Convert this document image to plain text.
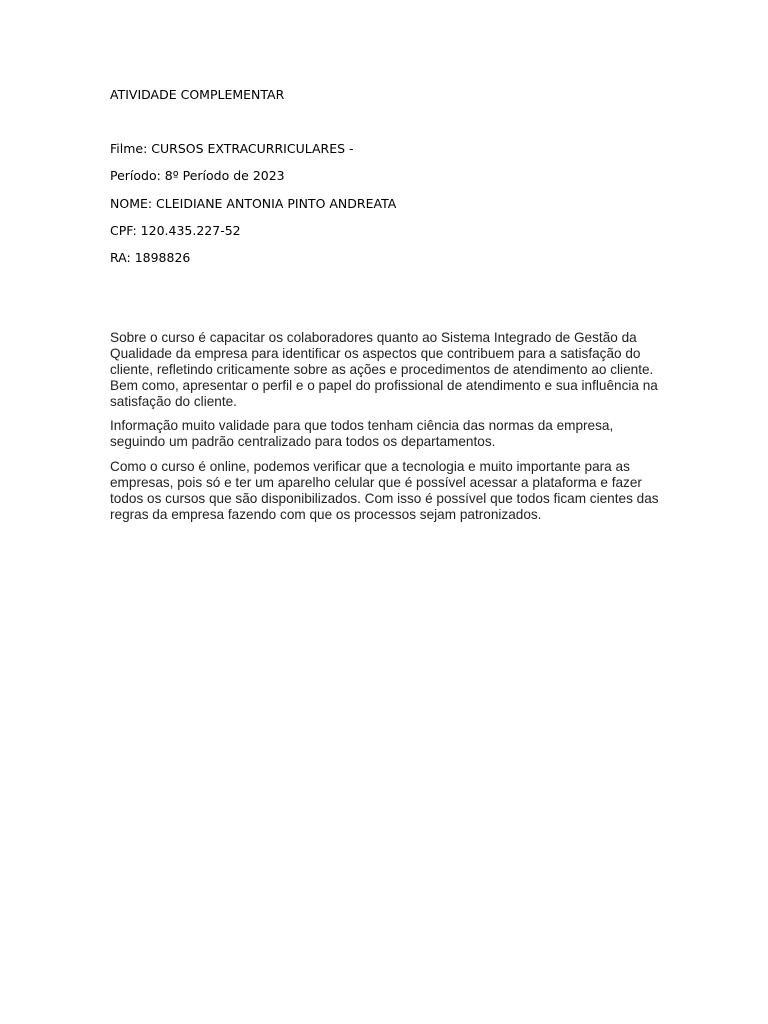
ATIVIDADE COMPLEMENTAR
Filme: CURSOS EXTRACURRICULARES -
Período: 8º Período de 2023
NOME: CLEIDIANE ANTONIA PINTO ANDREATA
CPF: 120.435.227-52
RA: 1898826

Sobre o curso é capacitar os colaboradores quanto ao Sistema Integrado de Gestão da Qualidade da empresa para identificar os aspectos que contribuem para a satisfação do cliente, refletindo criticamente sobre as ações e procedimentos de atendimento ao cliente. Bem como, apresentar o perfil e o papel do profissional de atendimento e sua influência na satisfação do cliente.

Informação muito validade para que todos tenham ciência das normas da empresa, seguindo um padrão centralizado para todos os departamentos.

Como o curso é online, podemos verificar que a tecnologia e muito importante para as empresas, pois só e ter um aparelho celular que é possível acessar a plataforma e fazer todos os cursos que são disponibilizados. Com isso é possível que todos ficam cientes das regras da empresa fazendo com que os processos sejam patronizados.
